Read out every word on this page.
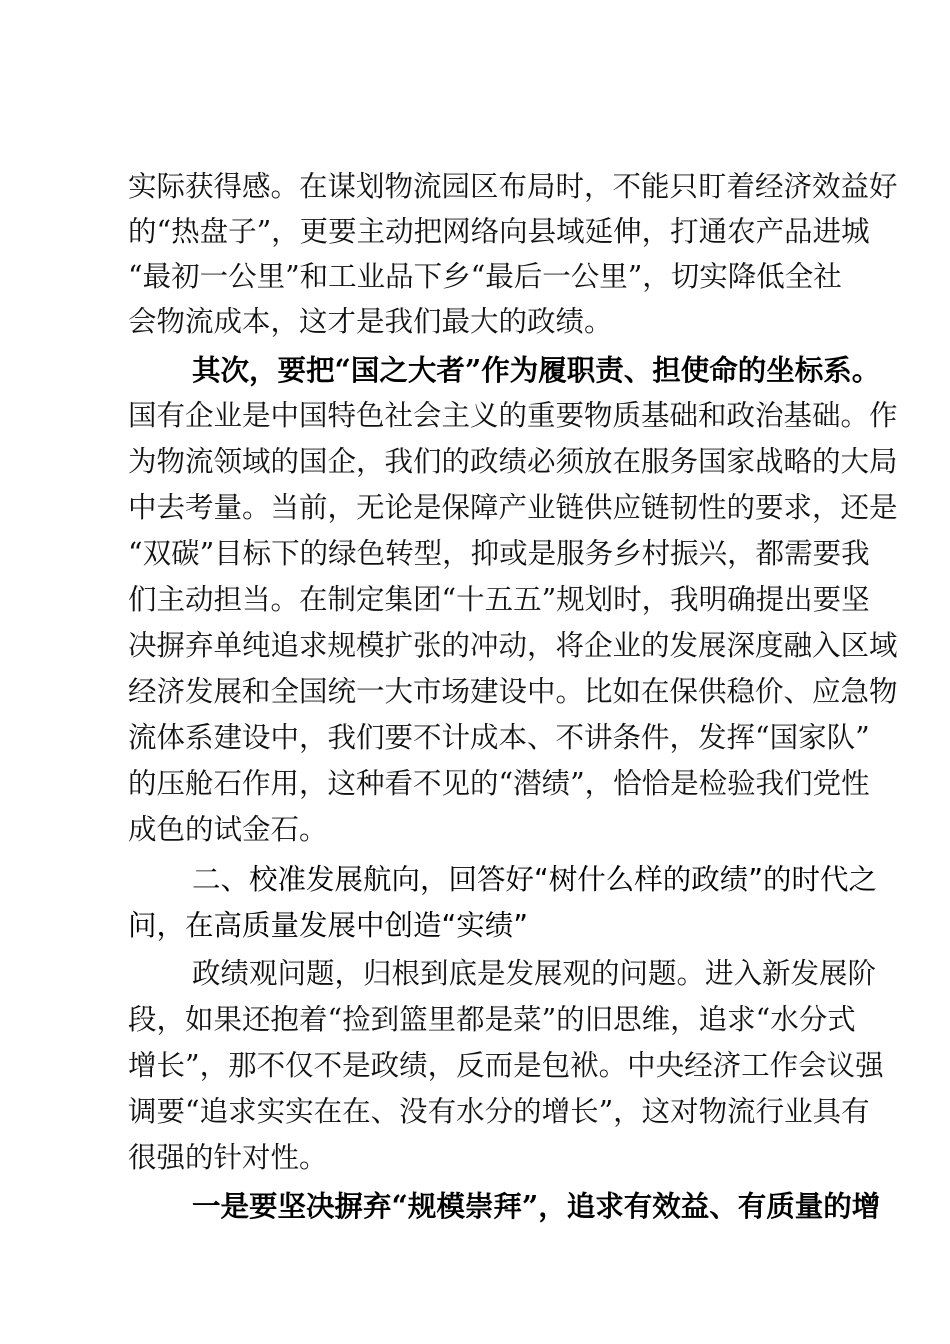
实际获得感。在谋划物流园区布局时，不能只盯着经济效益好
的“热盘子”，更要主动把网络向县域延伸，打通农产品进城
“最初一公里”和工业品下乡“最后一公里”，切实降低全社
会物流成本，这才是我们最大的政绩。
其次，要把“国之大者”作为履职责、担使命的坐标系。
国有企业是中国特色社会主义的重要物质基础和政治基础。作
为物流领域的国企，我们的政绩必须放在服务国家战略的大局
中去考量。当前，无论是保障产业链供应链韧性的要求，还是
“双碳”目标下的绿色转型，抑或是服务乡村振兴，都需要我
们主动担当。在制定集团“十五五”规划时，我明确提出要坚
决摒弃单纯追求规模扩张的冲动，将企业的发展深度融入区域
经济发展和全国统一大市场建设中。比如在保供稳价、应急物
流体系建设中，我们要不计成本、不讲条件，发挥“国家队”
的压舱石作用，这种看不见的“潜绩”，恰恰是检验我们党性
成色的试金石。
二、校准发展航向，回答好“树什么样的政绩”的时代之
问，在高质量发展中创造“实绩”
政绩观问题，归根到底是发展观的问题。进入新发展阶
段，如果还抱着“捡到篮里都是菜”的旧思维，追求“水分式
增长”，那不仅不是政绩，反而是包袱。中央经济工作会议强
调要“追求实实在在、没有水分的增长”，这对物流行业具有
很强的针对性。
一是要坚决摒弃“规模崇拜”，追求有效益、有质量的增
